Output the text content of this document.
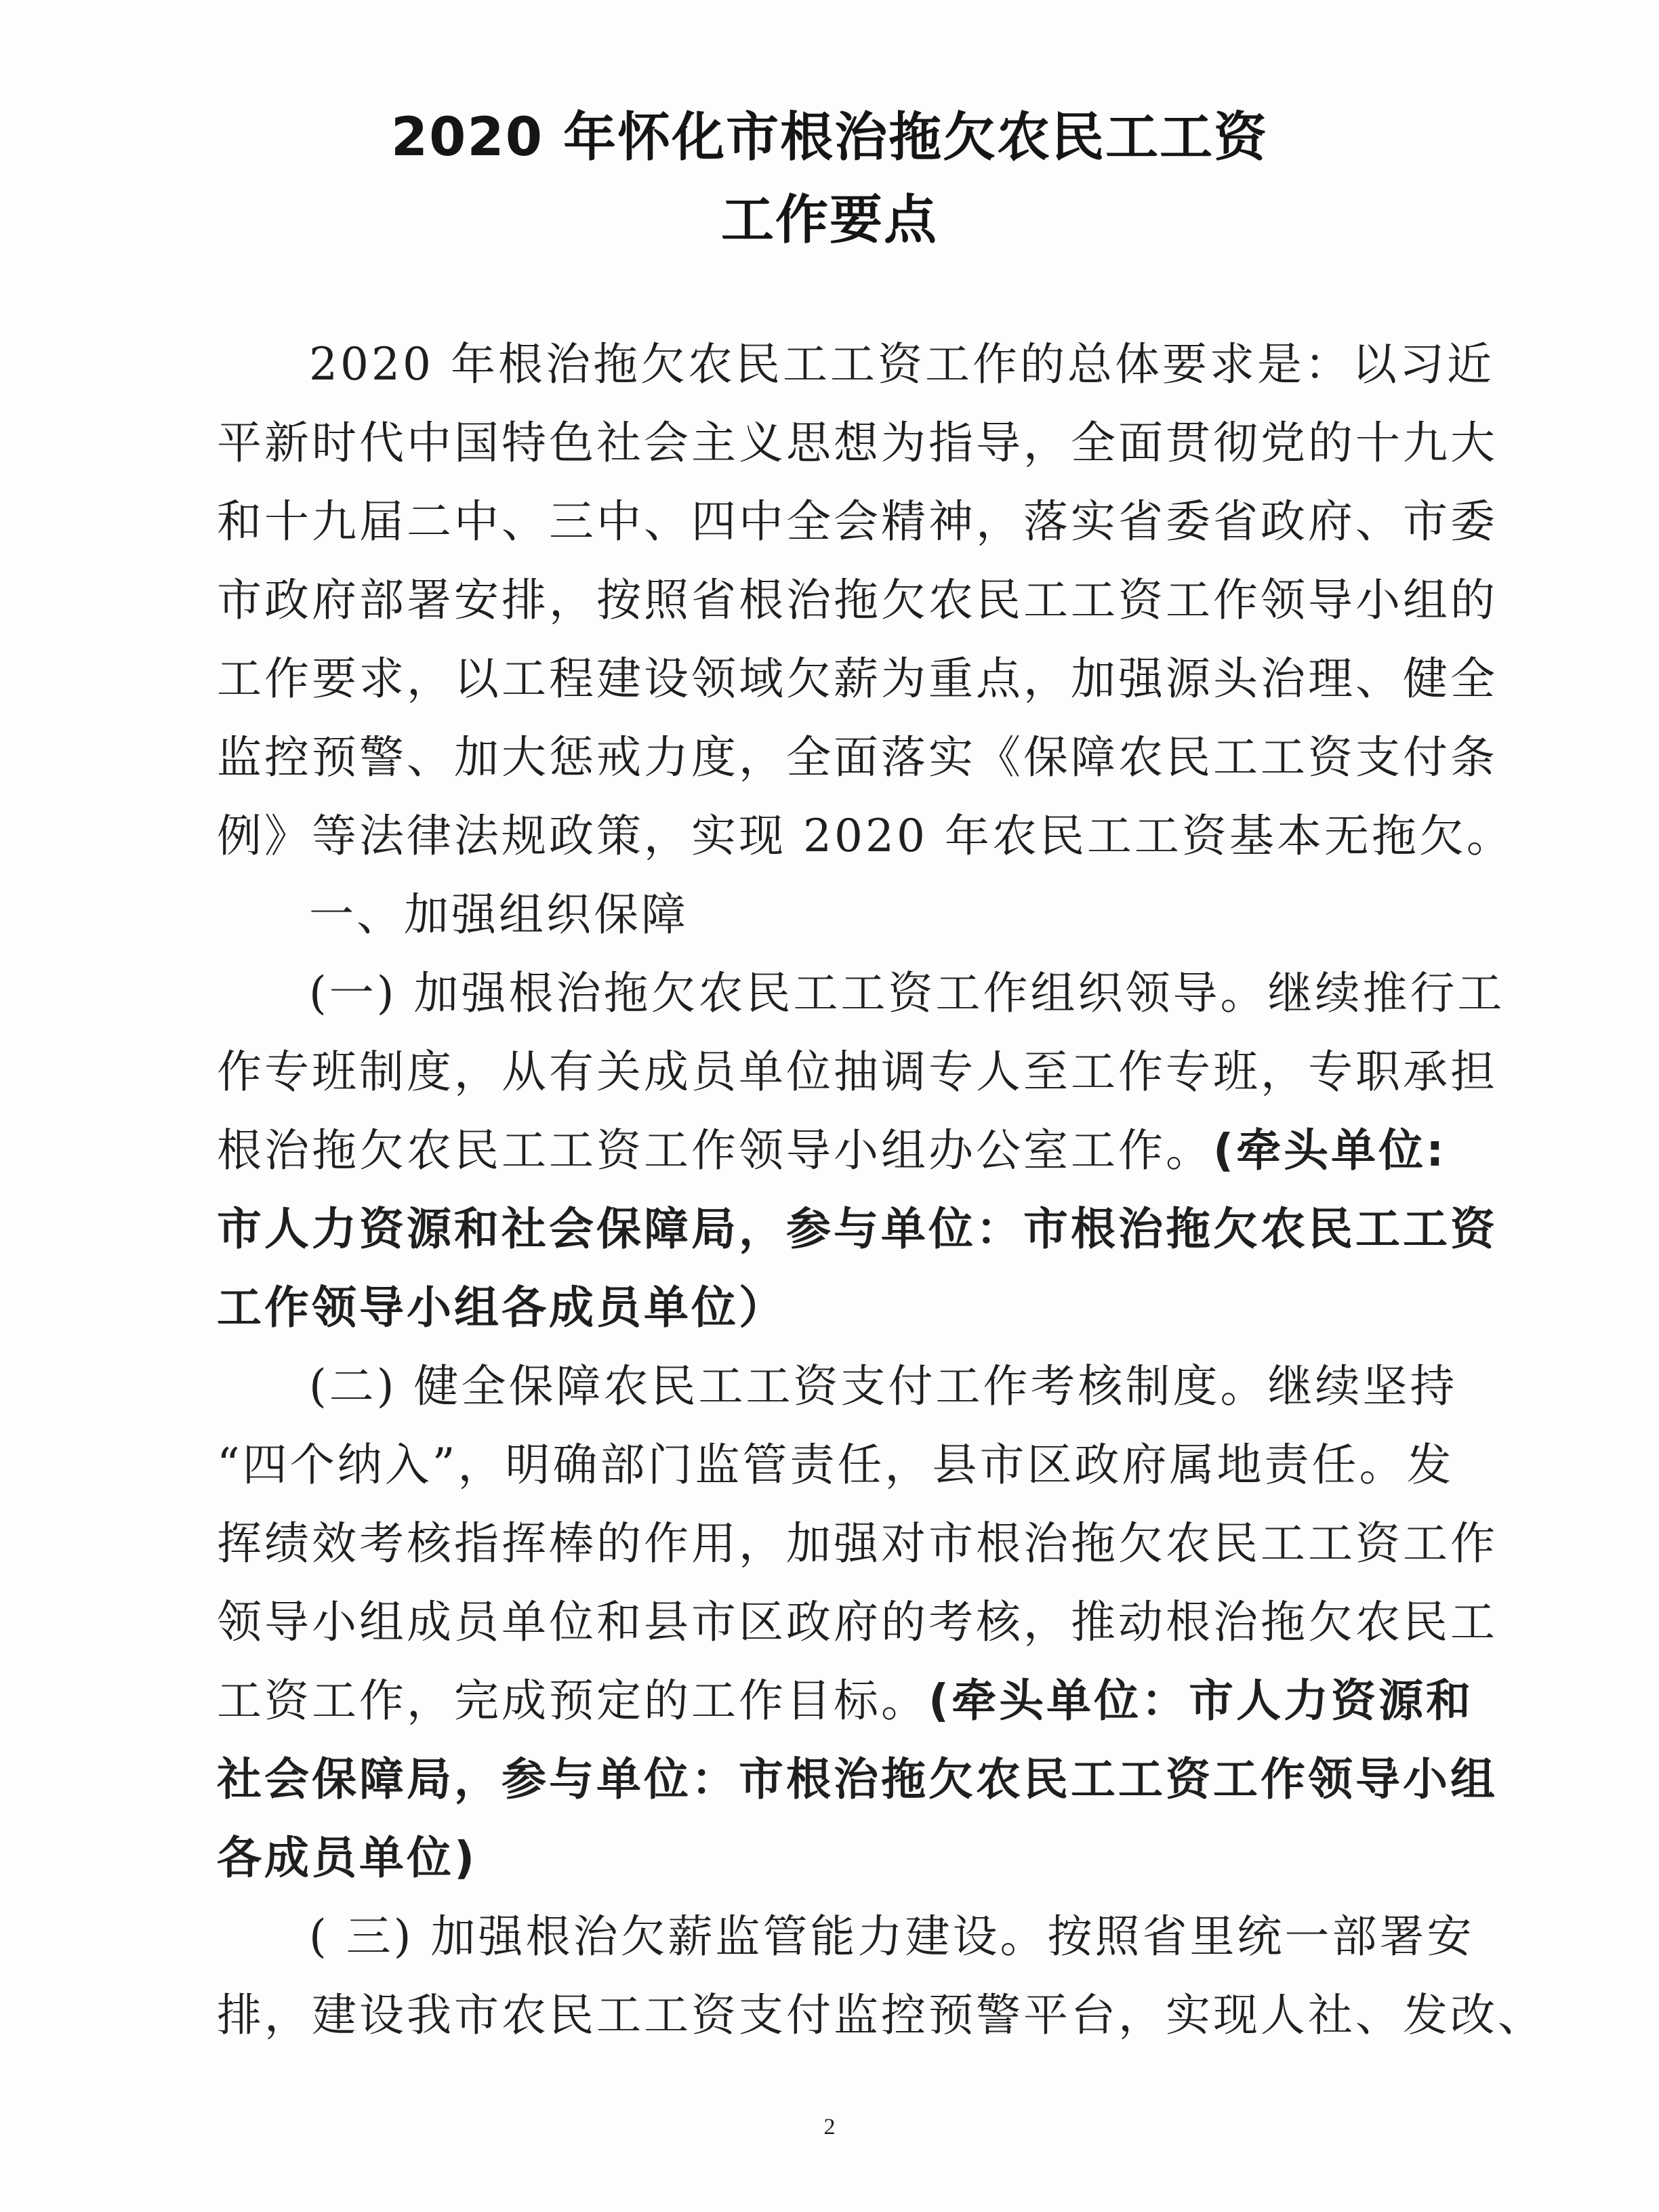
2020 年怀化市根治拖欠农民工工资
工作要点
2020 年根治拖欠农民工工资工作的总体要求是：以习近
平新时代中国特色社会主义思想为指导，全面贯彻党的十九大
和十九届二中、三中、四中全会精神，落实省委省政府、市委
市政府部署安排，按照省根治拖欠农民工工资工作领导小组的
工作要求，以工程建设领域欠薪为重点，加强源头治理、健全
监控预警、加大惩戒力度，全面落实《保障农民工工资支付条
例》等法律法规政策，实现 2020 年农民工工资基本无拖欠。
一、加强组织保障
(一) 加强根治拖欠农民工工资工作组织领导。继续推行工
作专班制度，从有关成员单位抽调专人至工作专班，专职承担
根治拖欠农民工工资工作领导小组办公室工作。(牵头单位:
市人力资源和社会保障局，参与单位：市根治拖欠农民工工资
工作领导小组各成员单位）
(二) 健全保障农民工工资支付工作考核制度。继续坚持
“四个纳入”，明确部门监管责任，县市区政府属地责任。发
挥绩效考核指挥棒的作用，加强对市根治拖欠农民工工资工作
领导小组成员单位和县市区政府的考核，推动根治拖欠农民工
工资工作，完成预定的工作目标。(牵头单位：市人力资源和
社会保障局，参与单位：市根治拖欠农民工工资工作领导小组
各成员单位)
( 三) 加强根治欠薪监管能力建设。按照省里统一部署安
排，建设我市农民工工资支付监控预警平台，实现人社、发改、
2
